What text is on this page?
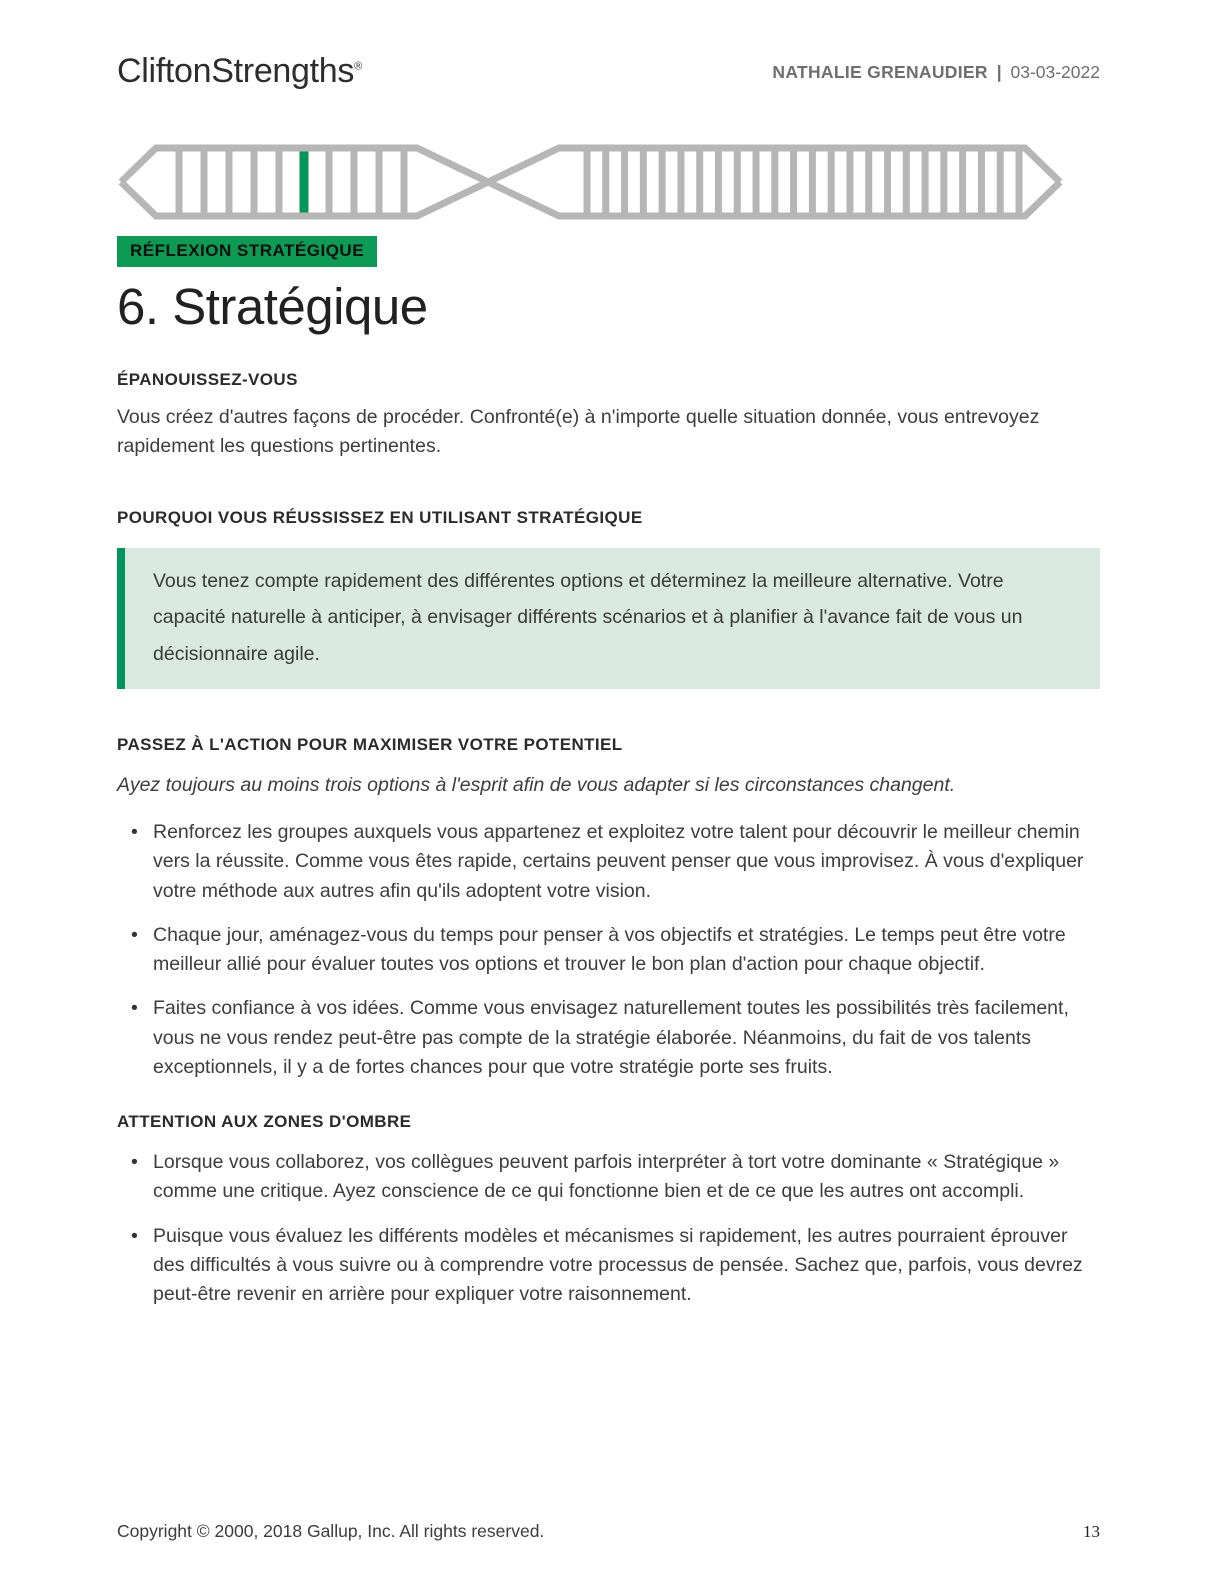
CliftonStrengths®	NATHALIE GRENAUDIER | 03-03-2022
RÉFLEXION STRATÉGIQUE
6. Stratégique
ÉPANOUISSEZ-VOUS

Vous créez d'autres façons de procéder. Confronté(e) à n'importe quelle situation donnée, vous entrevoyez rapidement les questions pertinentes.

POURQUOI VOUS RÉUSSISSEZ EN UTILISANT STRATÉGIQUE
Vous tenez compte rapidement des différentes options et déterminez la meilleure alternative. Votre capacité naturelle à anticiper, à envisager différents scénarios et à planifier à l'avance fait de vous un décisionnaire agile.
PASSEZ À L'ACTION POUR MAXIMISER VOTRE POTENTIEL

Ayez toujours au moins trois options à l'esprit afin de vous adapter si les circonstances changent.

• Renforcez les groupes auxquels vous appartenez et exploitez votre talent pour découvrir le meilleur chemin vers la réussite. Comme vous êtes rapide, certains peuvent penser que vous improvisez. À vous d'expliquer votre méthode aux autres afin qu'ils adoptent votre vision.
• Chaque jour, aménagez-vous du temps pour penser à vos objectifs et stratégies. Le temps peut être votre meilleur allié pour évaluer toutes vos options et trouver le bon plan d'action pour chaque objectif.
• Faites confiance à vos idées. Comme vous envisagez naturellement toutes les possibilités très facilement, vous ne vous rendez peut-être pas compte de la stratégie élaborée. Néanmoins, du fait de vos talents exceptionnels, il y a de fortes chances pour que votre stratégie porte ses fruits.
ATTENTION AUX ZONES D'OMBRE
• Lorsque vous collaborez, vos collègues peuvent parfois interpréter à tort votre dominante « Stratégique » comme une critique. Ayez conscience de ce qui fonctionne bien et de ce que les autres ont accompli.
• Puisque vous évaluez les différents modèles et mécanismes si rapidement, les autres pourraient éprouver des difficultés à vous suivre ou à comprendre votre processus de pensée. Sachez que, parfois, vous devrez peut-être revenir en arrière pour expliquer votre raisonnement.
Copyright © 2000, 2018 Gallup, Inc. All rights reserved.	13
